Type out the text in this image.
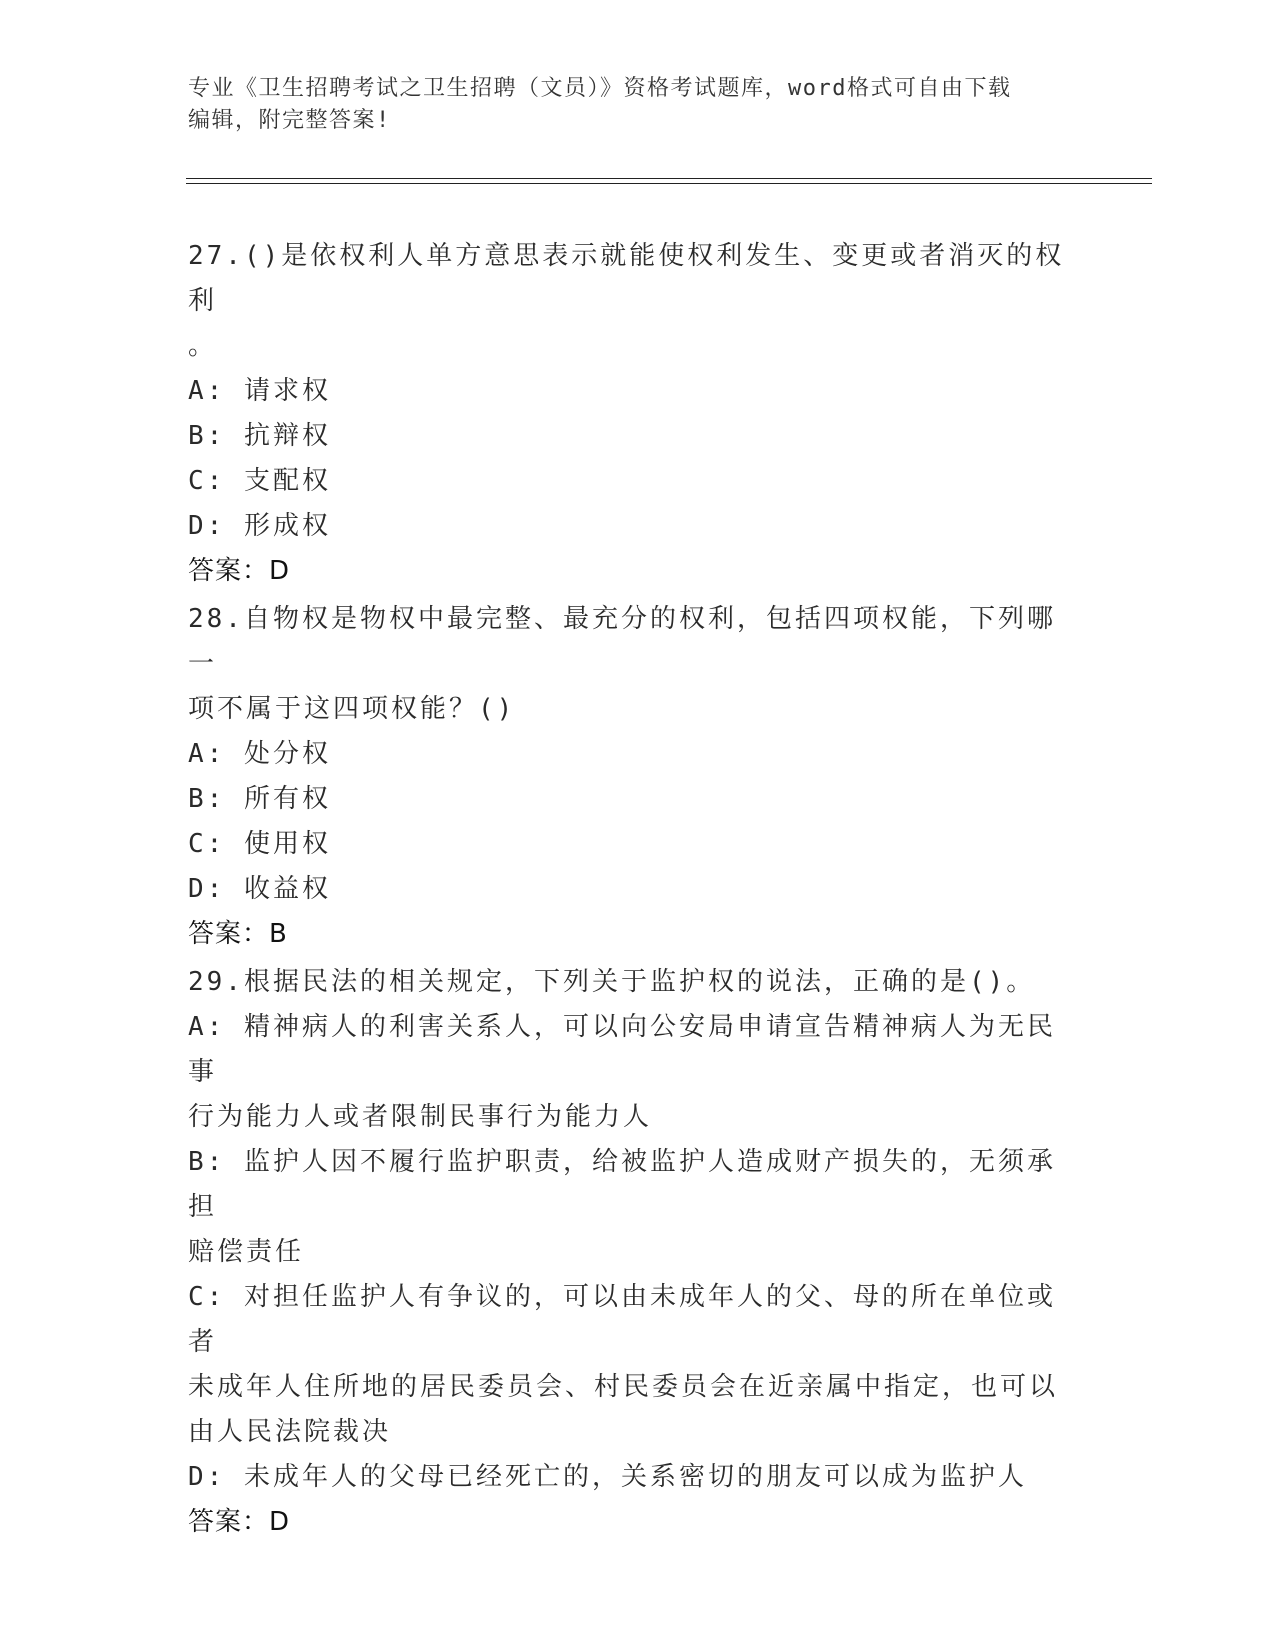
专业《卫生招聘考试之卫生招聘（文员）》资格考试题库，word格式可自由下载
编辑，附完整答案!
27.()是依权利人单方意思表示就能使权利发生、变更或者消灭的权利
。
A: 请求权
B: 抗辩权
C: 支配权
D: 形成权
答案：D
28.自物权是物权中最完整、最充分的权利，包括四项权能，下列哪一
项不属于这四项权能？()
A: 处分权
B: 所有权
C: 使用权
D: 收益权
答案：B
29.根据民法的相关规定，下列关于监护权的说法，正确的是()。
A: 精神病人的利害关系人，可以向公安局申请宣告精神病人为无民事
行为能力人或者限制民事行为能力人
B: 监护人因不履行监护职责，给被监护人造成财产损失的，无须承担
赔偿责任
C: 对担任监护人有争议的，可以由未成年人的父、母的所在单位或者
未成年人住所地的居民委员会、村民委员会在近亲属中指定，也可以
由人民法院裁决
D: 未成年人的父母已经死亡的，关系密切的朋友可以成为监护人
答案：D
